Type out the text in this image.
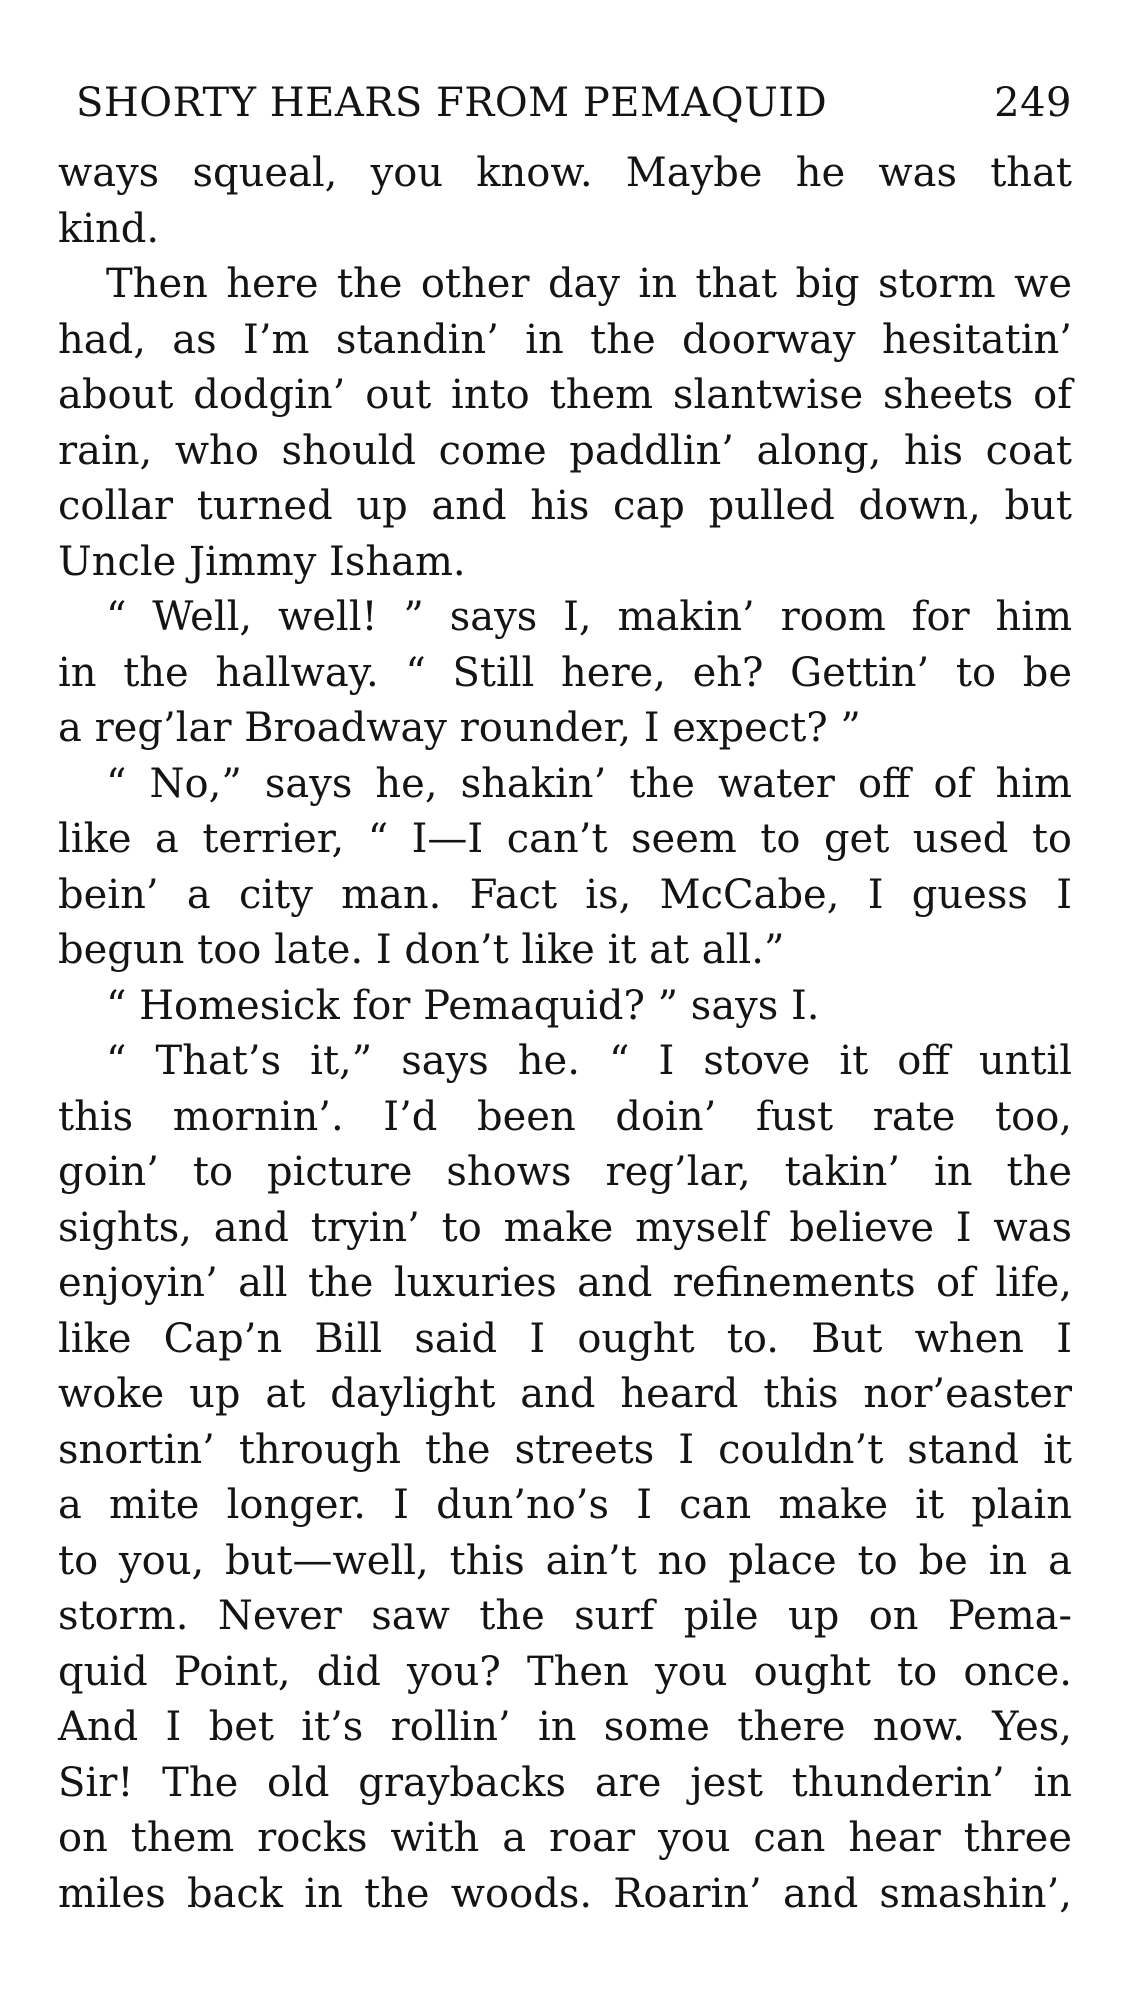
SHORTY HEARS FROM PEMAQUID	249
ways squeal, you know. Maybe he was that
kind.
Then here the other day in that big storm we
had, as I’m standin’ in the doorway hesitatin’
about dodgin’ out into them slantwise sheets of
rain, who should come paddlin’ along, his coat
collar turned up and his cap pulled down, but
Uncle Jimmy Isham.
“ Well, well! ” says I, makin’ room for him
in the hallway. “ Still here, eh? Gettin’ to be
a reg’lar Broadway rounder, I expect? ”
“ No,” says he, shakin’ the water off of him
like a terrier, “ I—I can’t seem to get used to
bein’ a city man. Fact is, McCabe, I guess I
begun too late. I don’t like it at all.”
“ Homesick for Pemaquid? ” says I.
“ That’s it,” says he. “ I stove it off until
this mornin’. I’d been doin’ fust rate too,
goin’ to picture shows reg’lar, takin’ in the
sights, and tryin’ to make myself believe I was
enjoyin’ all the luxuries and refinements of life,
like Cap’n Bill said I ought to. But when I
woke up at daylight and heard this nor’easter
snortin’ through the streets I couldn’t stand it
a mite longer. I dun’no’s I can make it plain
to you, but—well, this ain’t no place to be in a
storm. Never saw the surf pile up on Pema-
quid Point, did you? Then you ought to once.
And I bet it’s rollin’ in some there now. Yes,
Sir! The old graybacks are jest thunderin’ in
on them rocks with a roar you can hear three
miles back in the woods. Roarin’ and smashin’,
